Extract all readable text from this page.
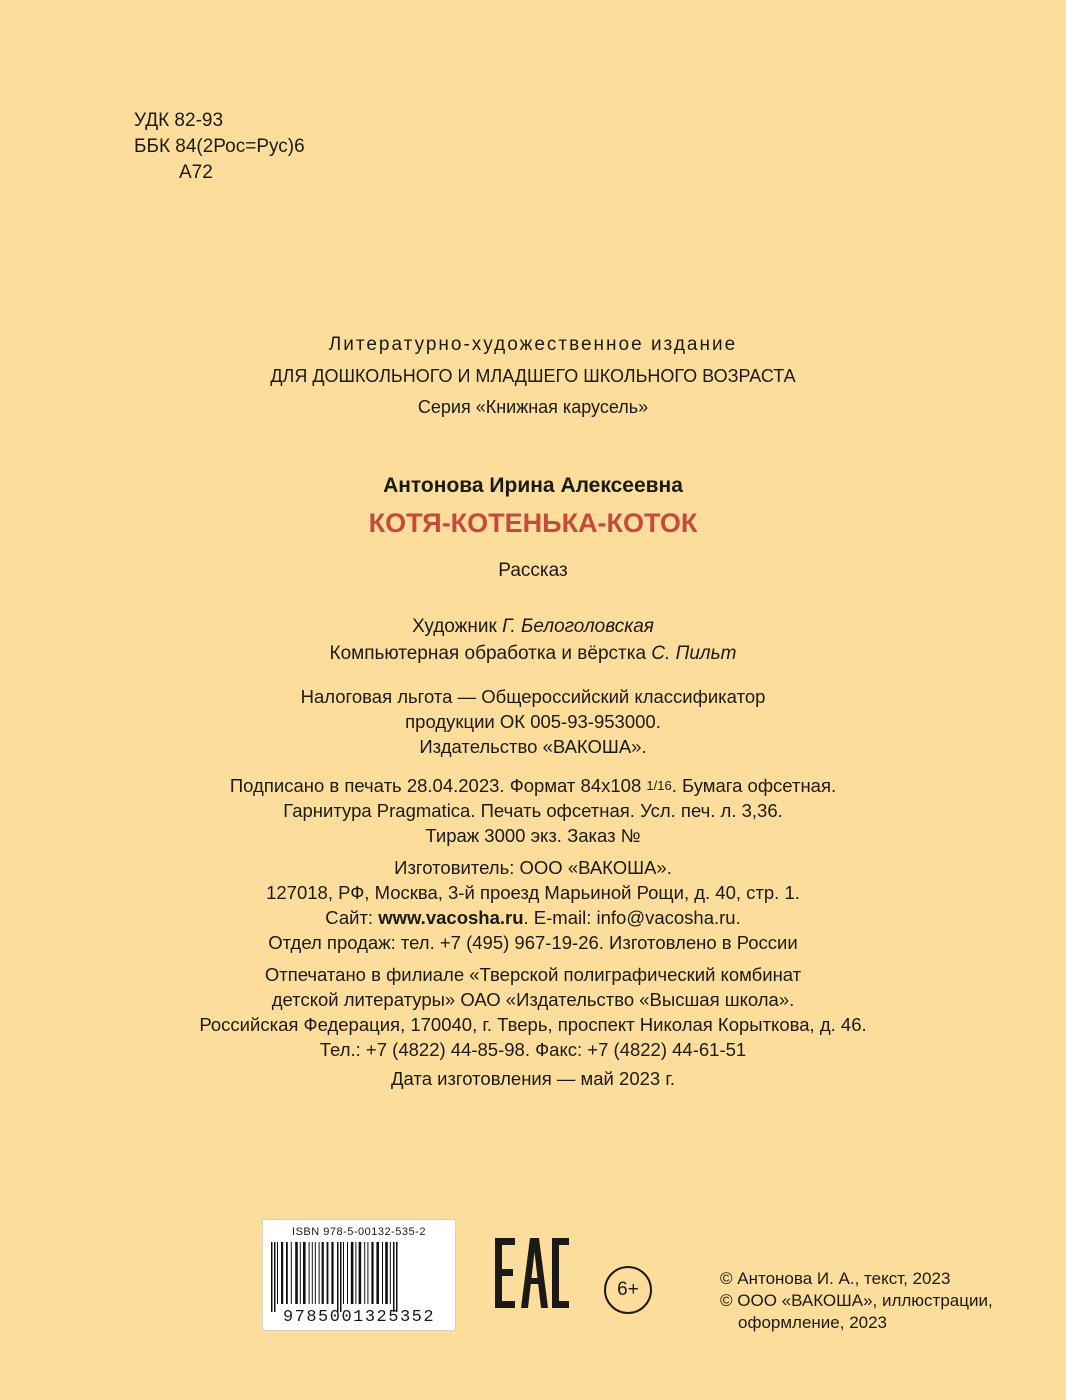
УДК 82-93
ББК 84(2Рос=Рус)6
А72
Литературно-художественное издание
ДЛЯ ДОШКОЛЬНОГО И МЛАДШЕГО ШКОЛЬНОГО ВОЗРАСТА
Серия «Книжная карусель»
Антонова Ирина Алексеевна
КОТЯ-КОТЕНЬКА-КОТОК
Рассказ
Художник Г. Белоголовская
Компьютерная обработка и вёрстка С. Пильт
Налоговая льгота — Общероссийский классификатор
продукции ОК 005-93-953000.
Издательство «ВАКОША».
Подписано в печать 28.04.2023. Формат 84х108 1/16. Бумага офсетная.
Гарнитура Pragmatica. Печать офсетная. Усл. печ. л. 3,36.
Тираж 3000 экз. Заказ №
Изготовитель: ООО «ВАКОША».
127018, РФ, Москва, 3-й проезд Марьиной Рощи, д. 40, стр. 1.
Сайт: www.vacosha.ru. E-mail: info@vacosha.ru.
Отдел продаж: тел. +7 (495) 967-19-26. Изготовлено в России
Отпечатано в филиале «Тверской полиграфический комбинат
детской литературы» ОАО «Издательство «Высшая школа».
Российская Федерация, 170040, г. Тверь, проспект Николая Корыткова, д. 46.
Тел.: +7 (4822) 44-85-98. Факс: +7 (4822) 44-61-51
Дата изготовления — май 2023 г.
ISBN 978-5-00132-535-2
9785001325352
6+
© Антонова И. А., текст, 2023
© ООО «ВАКОША», иллюстрации,
оформление, 2023
